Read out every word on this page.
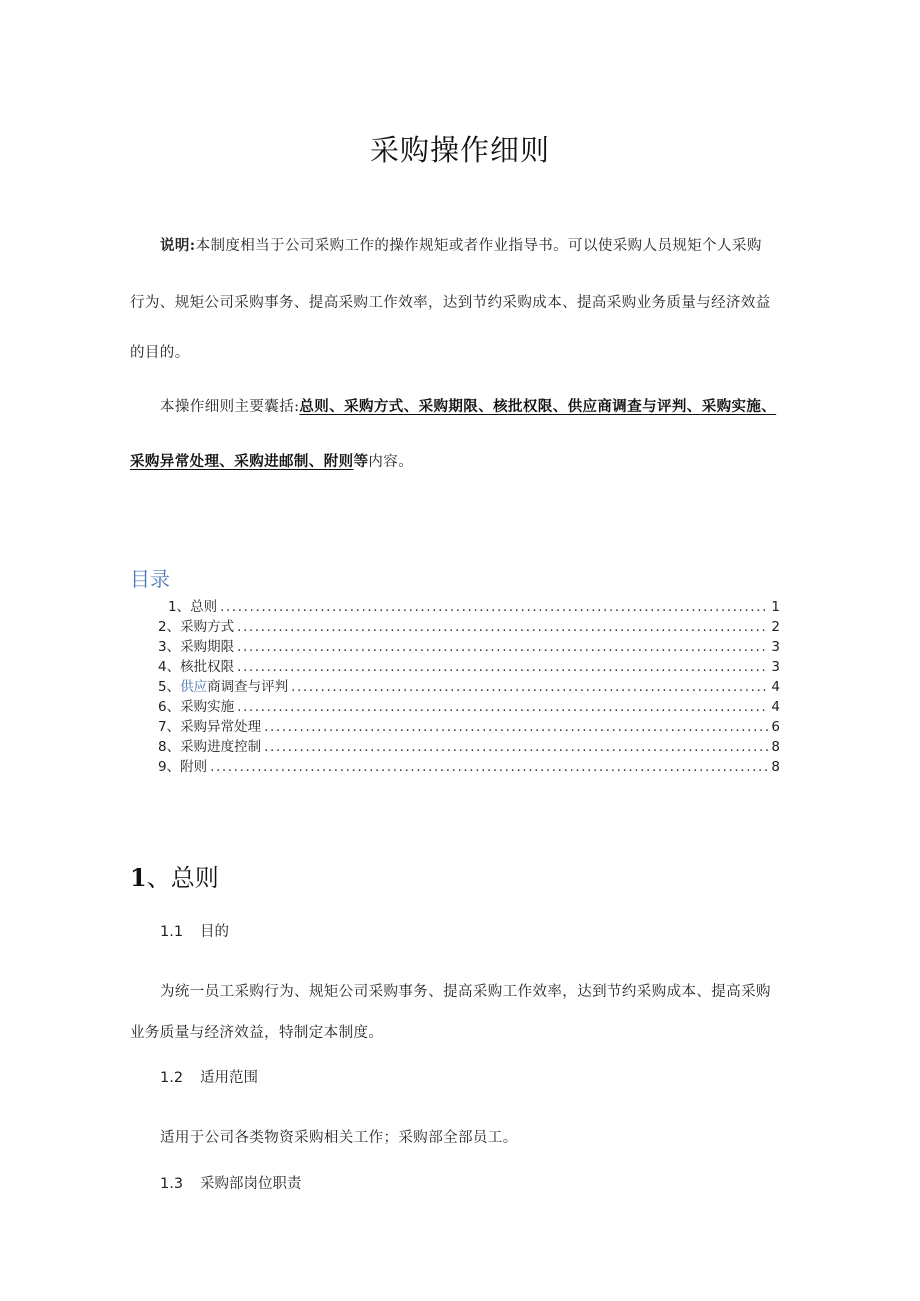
采购操作细则

说明:本制度相当于公司采购工作的操作规矩或者作业指导书。可以使采购人员规矩个人采购

行为、规矩公司采购事务、提高采购工作效率，达到节约采购成本、提高采购业务质量与经济效益

的目的。

本操作细则主要囊括:总则、采购方式、采购期限、核批权限、供应商调查与评判、采购实施、

采购异常处理、采购进邮制、附则等内容。

目录
1、 总则 .....	1
2、 采购方式 .....	2
3、 采购期限 .....	3
4、 核批权限 .....	3
5、 供应商调查与评判 .....	4
6、 采购实施 .....	4
7、 采购异常处理 .....	6
8、 采购进度控制 .....	8
9、 附则 .....	8
1、总则
1.1 目的

为统一员工采购行为、规矩公司采购事务、提高采购工作效率，达到节约采购成本、提高采购

业务质量与经济效益，特制定本制度。

1.2 适用范围

适用于公司各类物资采购相关工作；采购部全部员工。

1.3 采购部岗位职责
